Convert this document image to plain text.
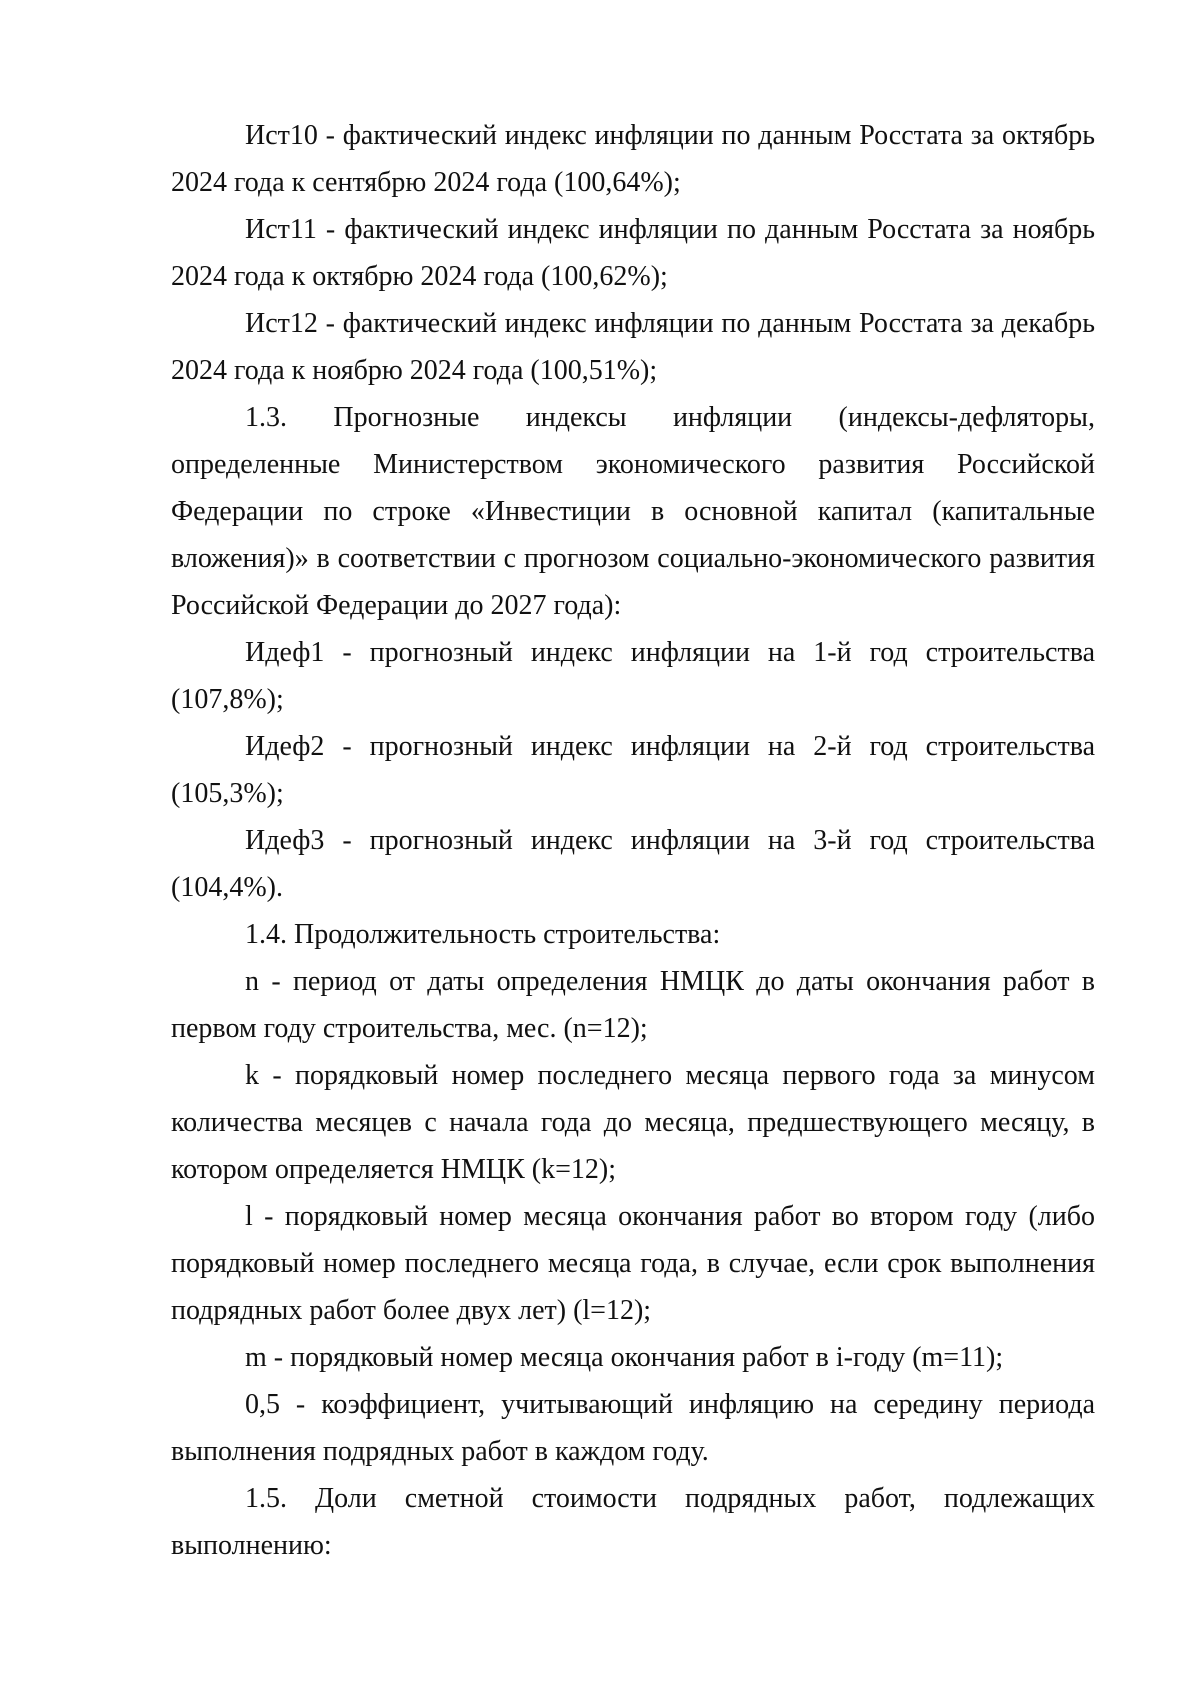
Ист10 - фактический индекс инфляции по данным Росстата за октябрь 2024 года к сентябрю 2024 года (100,64%);

Ист11 - фактический индекс инфляции по данным Росстата за ноябрь 2024 года к октябрю 2024 года (100,62%);

Ист12 - фактический индекс инфляции по данным Росстата за декабрь 2024 года к ноябрю 2024 года (100,51%);

1.3. Прогнозные индексы инфляции (индексы-дефляторы, определенные Министерством экономического развития Российской Федерации по строке «Инвестиции в основной капитал (капитальные вложения)» в соответствии с прогнозом социально-экономического развития Российской Федерации до 2027 года):

Идеф1 - прогнозный индекс инфляции на 1-й год строительства (107,8%);

Идеф2 - прогнозный индекс инфляции на 2-й год строительства (105,3%);

Идеф3 - прогнозный индекс инфляции на 3-й год строительства (104,4%).

1.4. Продолжительность строительства:

n - период от даты определения НМЦК до даты окончания работ в первом году строительства, мес. (n=12);

k - порядковый номер последнего месяца первого года за минусом количества месяцев с начала года до месяца, предшествующего месяцу, в котором определяется НМЦК (k=12);

l - порядковый номер месяца окончания работ во втором году (либо порядковый номер последнего месяца года, в случае, если срок выполнения подрядных работ более двух лет) (l=12);

m - порядковый номер месяца окончания работ в i-году (m=11);

0,5 - коэффициент, учитывающий инфляцию на середину периода выполнения подрядных работ в каждом году.

1.5. Доли сметной стоимости подрядных работ, подлежащих выполнению:
